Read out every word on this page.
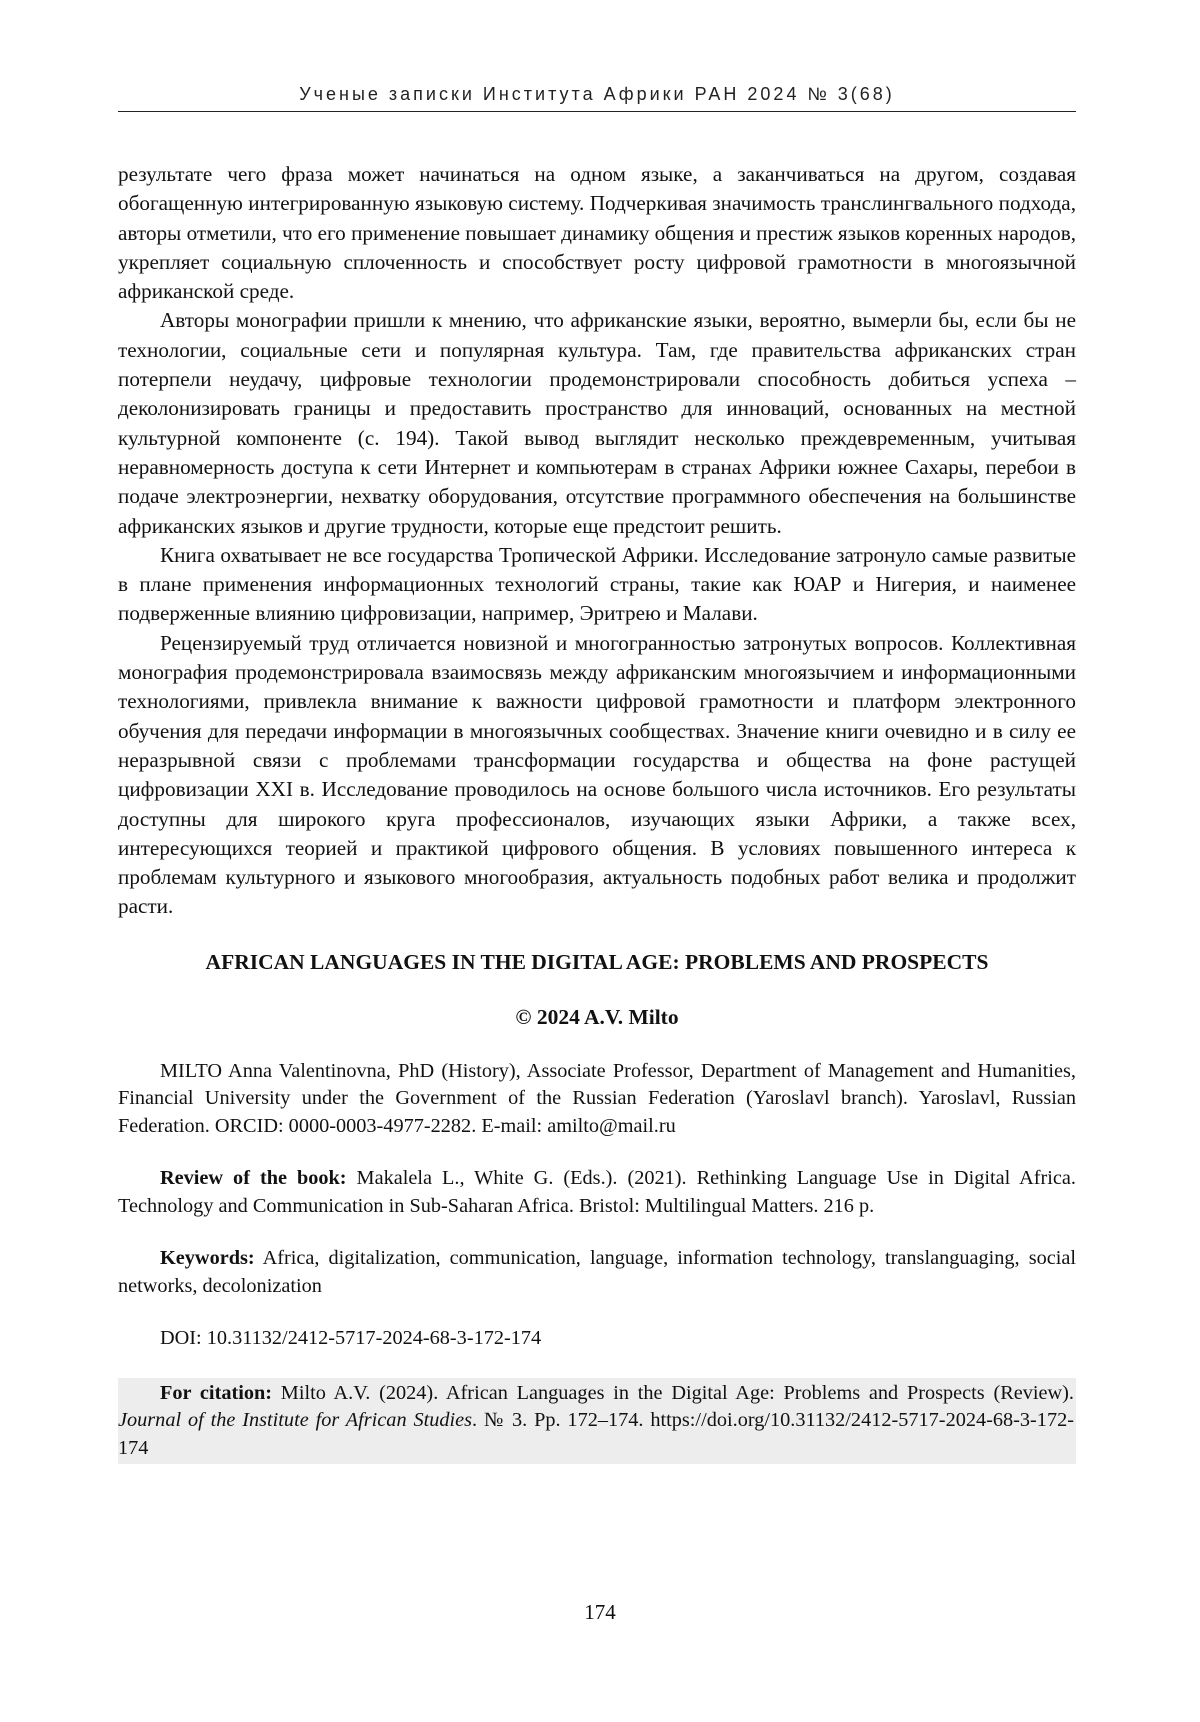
Ученые записки Института Африки РАН 2024 № 3(68)

результате чего фраза может начинаться на одном языке, а заканчиваться на другом, создавая обогащенную интегрированную языковую систему. Подчеркивая значимость транслингвального подхода, авторы отметили, что его применение повышает динамику общения и престиж языков коренных народов, укрепляет социальную сплоченность и способствует росту цифровой грамотности в многоязычной африканской среде.

Авторы монографии пришли к мнению, что африканские языки, вероятно, вымерли бы, если бы не технологии, социальные сети и популярная культура. Там, где правительства африканских стран потерпели неудачу, цифровые технологии продемонстрировали способность добиться успеха – деколонизировать границы и предоставить пространство для инноваций, основанных на местной культурной компоненте (с. 194). Такой вывод выглядит несколько преждевременным, учитывая неравномерность доступа к сети Интернет и компьютерам в странах Африки южнее Сахары, перебои в подаче электроэнергии, нехватку оборудования, отсутствие программного обеспечения на большинстве африканских языков и другие трудности, которые еще предстоит решить.

Книга охватывает не все государства Тропической Африки. Исследование затронуло самые развитые в плане применения информационных технологий страны, такие как ЮАР и Нигерия, и наименее подверженные влиянию цифровизации, например, Эритрею и Малави.

Рецензируемый труд отличается новизной и многогранностью затронутых вопросов. Коллективная монография продемонстрировала взаимосвязь между африканским многоязычием и информационными технологиями, привлекла внимание к важности цифровой грамотности и платформ электронного обучения для передачи информации в многоязычных сообществах. Значение книги очевидно и в силу ее неразрывной связи с проблемами трансформации государства и общества на фоне растущей цифровизации XXI в. Исследование проводилось на основе большого числа источников. Его результаты доступны для широкого круга профессионалов, изучающих языки Африки, а также всех, интересующихся теорией и практикой цифрового общения. В условиях повышенного интереса к проблемам культурного и языкового многообразия, актуальность подобных работ велика и продолжит расти.

AFRICAN LANGUAGES IN THE DIGITAL AGE: PROBLEMS AND PROSPECTS
© 2024 A.V. Milto
MILTO Anna Valentinovna, PhD (History), Associate Professor, Department of Management and Humanities, Financial University under the Government of the Russian Federation (Yaroslavl branch). Yaroslavl, Russian Federation. ORCID: 0000-0003-4977-2282. E-mail: amilto@mail.ru
Review of the book: Makalela L., White G. (Eds.). (2021). Rethinking Language Use in Digital Africa. Technology and Communication in Sub-Saharan Africa. Bristol: Multilingual Matters. 216 p.
Keywords: Africa, digitalization, communication, language, information technology, translanguaging, social networks, decolonization
DOI: 10.31132/2412-5717-2024-68-3-172-174
For citation: Milto A.V. (2024). African Languages in the Digital Age: Problems and Prospects (Review). Journal of the Institute for African Studies. № 3. Pp. 172–174. https://doi.org/10.31132/2412-5717-2024-68-3-172-174
174
